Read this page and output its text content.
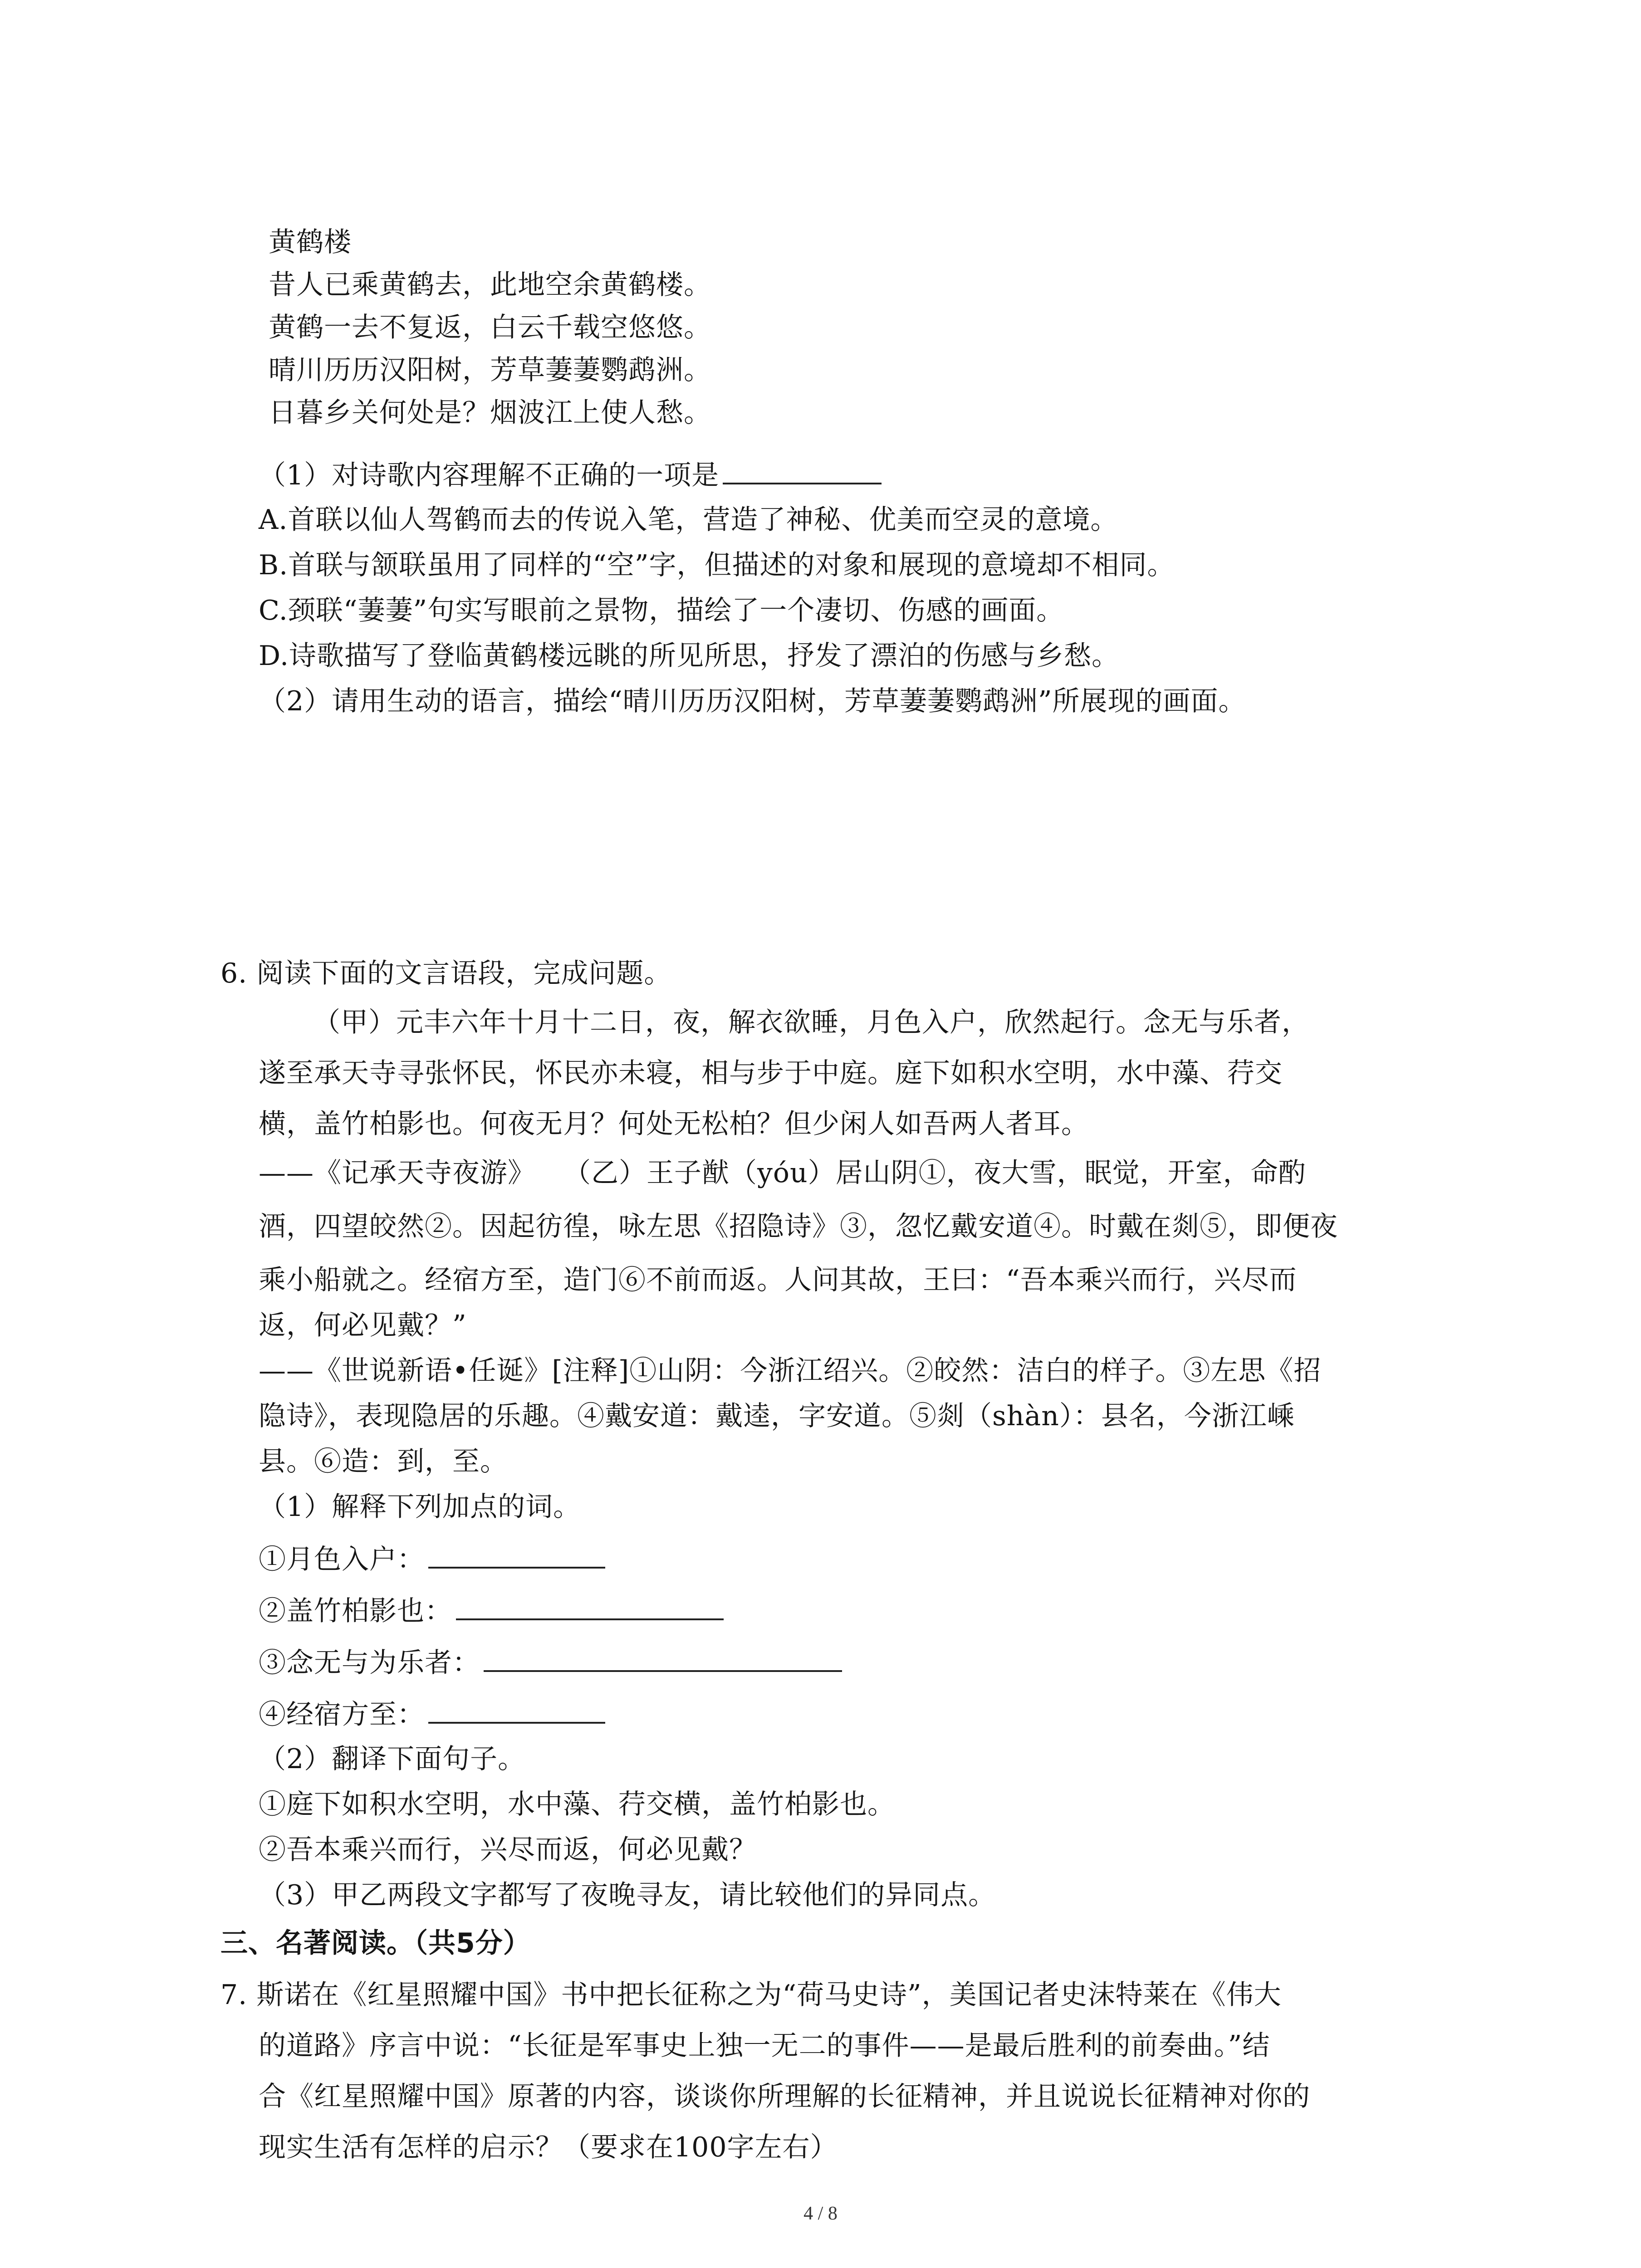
黄鹤楼
昔人已乘黄鹤去，此地空余黄鹤楼。
黄鹤一去不复返，白云千载空悠悠。
晴川历历汉阳树，芳草萋萋鹦鹉洲。
日暮乡关何处是？烟波江上使人愁。
（1）对诗歌内容理解不正确的一项是
A.首联以仙人驾鹤而去的传说入笔，营造了神秘、优美而空灵的意境。
B.首联与颔联虽用了同样的“空”字，但描述的对象和展现的意境却不相同。
C.颈联“萋萋”句实写眼前之景物，描绘了一个凄切、伤感的画面。
D.诗歌描写了登临黄鹤楼远眺的所见所思，抒发了漂泊的伤感与乡愁。
（2）请用生动的语言，描绘“晴川历历汉阳树，芳草萋萋鹦鹉洲”所展现的画面。
6. 阅读下面的文言语段，完成问题。
（甲）元丰六年十月十二日，夜，解衣欲睡，月色入户，欣然起行。念无与乐者，
遂至承天寺寻张怀民，怀民亦未寝，相与步于中庭。庭下如积水空明，水中藻、荇交
横，盖竹柏影也。何夜无月？何处无松柏？但少闲人如吾两人者耳。
——《记承天寺夜游》　　（乙）王子猷（yóu）居山阴①，夜大雪，眠觉，开室，命酌
酒，四望皎然②。因起彷徨，咏左思《招隐诗》③，忽忆戴安道④。时戴在剡⑤，即便夜
乘小船就之。经宿方至，造门⑥不前而返。人问其故，王曰：“吾本乘兴而行，兴尽而
返，何必见戴？”
——《世说新语•任诞》[注释]①山阴：今浙江绍兴。②皎然：洁白的样子。③左思《招
隐诗》，表现隐居的乐趣。④戴安道：戴逵，字安道。⑤剡（shàn）：县名，今浙江嵊
县。⑥造：到，至。
（1）解释下列加点的词。
①月色入户：
②盖竹柏影也：
③念无与为乐者：
④经宿方至：
（2）翻译下面句子。
①庭下如积水空明，水中藻、荇交横，盖竹柏影也。
②吾本乘兴而行，兴尽而返，何必见戴？
（3）甲乙两段文字都写了夜晚寻友，请比较他们的异同点。
三、名著阅读。（共5分）
7. 斯诺在《红星照耀中国》书中把长征称之为“荷马史诗”，美国记者史沫特莱在《伟大
的道路》序言中说：“长征是军事史上独一无二的事件——是最后胜利的前奏曲。”结
合《红星照耀中国》原著的内容，谈谈你所理解的长征精神，并且说说长征精神对你的
现实生活有怎样的启示？（要求在100字左右）
4 / 8
